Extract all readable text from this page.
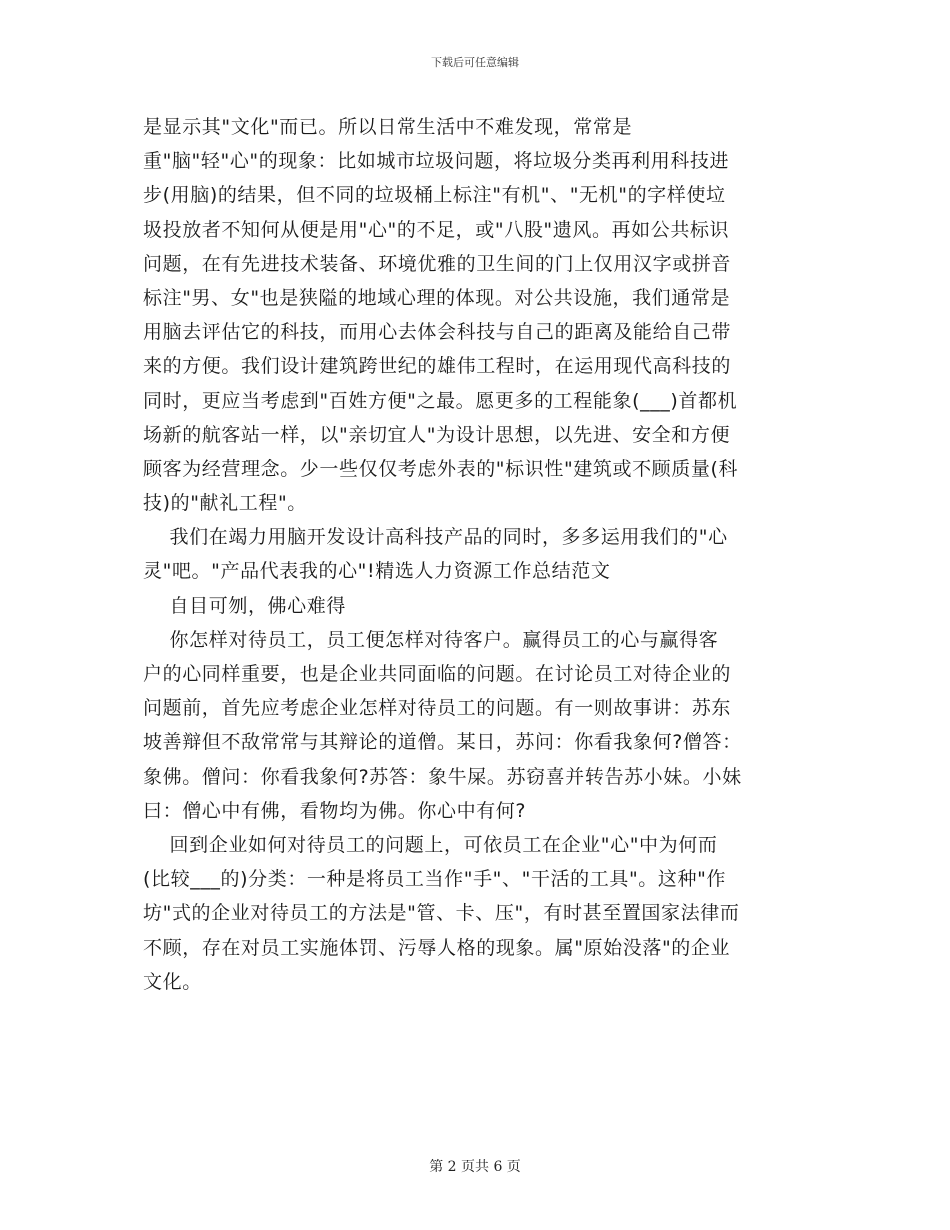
下载后可任意编辑
是显示其"文化"而已。所以日常生活中不难发现，常常是
重"脑"轻"心"的现象：比如城市垃圾问题，将垃圾分类再利用科技进
步(用脑)的结果，但不同的垃圾桶上标注"有机"、"无机"的字样使垃
圾投放者不知何从便是用"心"的不足，或"八股"遗风。再如公共标识
问题，在有先进技术装备、环境优雅的卫生间的门上仅用汉字或拼音
标注"男、女"也是狭隘的地域心理的体现。对公共设施，我们通常是
用脑去评估它的科技，而用心去体会科技与自己的距离及能给自己带
来的方便。我们设计建筑跨世纪的雄伟工程时，在运用现代高科技的
同时，更应当考虑到"百姓方便"之最。愿更多的工程能象(___)首都机
场新的航客站一样，以"亲切宜人"为设计思想，以先进、安全和方便
顾客为经营理念。少一些仅仅考虑外表的"标识性"建筑或不顾质量(科
技)的"献礼工程"。
我们在竭力用脑开发设计高科技产品的同时，多多运用我们的"心
灵"吧。"产品代表我的心"!精选人力资源工作总结范文
自目可刎，佛心难得
你怎样对待员工，员工便怎样对待客户。赢得员工的心与赢得客
户的心同样重要，也是企业共同面临的问题。在讨论员工对待企业的
问题前，首先应考虑企业怎样对待员工的问题。有一则故事讲：苏东
坡善辩但不敌常常与其辩论的道僧。某日，苏问：你看我象何?僧答：
象佛。僧问：你看我象何?苏答：象牛屎。苏窃喜并转告苏小妹。小妹
曰：僧心中有佛，看物均为佛。你心中有何?
回到企业如何对待员工的问题上，可依员工在企业"心"中为何而
(比较___的)分类：一种是将员工当作"手"、"干活的工具"。这种"作
坊"式的企业对待员工的方法是"管、卡、压"，有时甚至置国家法律而
不顾，存在对员工实施体罚、污辱人格的现象。属"原始没落"的企业
文化。
第 2 页共 6 页
